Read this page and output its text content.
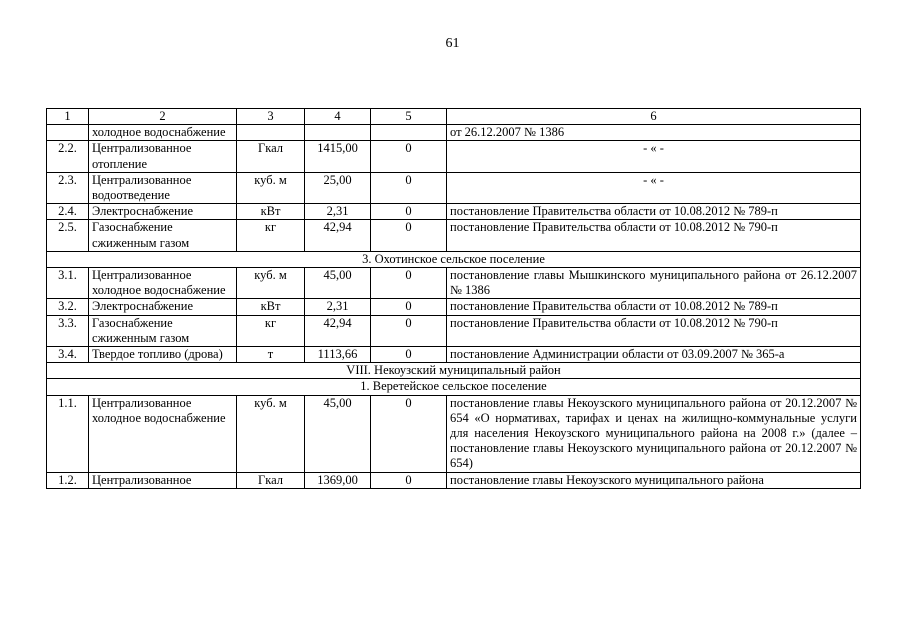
61
1	2	3	4	5	6
	холодное водоснабжение				от 26.12.2007 № 1386
2.2.	Централизованное отопление	Гкал	1415,00	0	- « -
2.3.	Централизованное водоотведение	куб. м	25,00	0	- « -
2.4.	Электроснабжение	кВт	2,31	0	постановление Правительства области от 10.08.2012 № 789-п
2.5.	Газоснабжение сжиженным газом	кг	42,94	0	постановление Правительства области от 10.08.2012 № 790-п
3. Охотинское сельское поселение					
3.1.	Централизованное холодное водоснабжение	куб. м	45,00	0	постановление главы Мышкинского муниципального района от 26.12.2007 № 1386
3.2.	Электроснабжение	кВт	2,31	0	постановление Правительства области от 10.08.2012 № 789-п
3.3.	Газоснабжение сжиженным газом	кг	42,94	0	постановление Правительства области от 10.08.2012 № 790-п
3.4.	Твердое топливо (дрова)	т	1113,66	0	постановление Администрации области от 03.09.2007 № 365-а
VIII. Некоузский муниципальный район					
1. Веретейское сельское поселение					
1.1.	Централизованное холодное водоснабжение	куб. м	45,00	0	постановление главы Некоузского муниципального района от 20.12.2007 № 654 «О нормативах, тарифах и ценах на жилищно-коммунальные услуги для населения Некоузского муниципального района на 2008 г.» (далее – постановление главы Некоузского муниципального района от 20.12.2007 № 654)
1.2.	Централизованное	Гкал	1369,00	0	постановление главы Некоузского муниципального района
